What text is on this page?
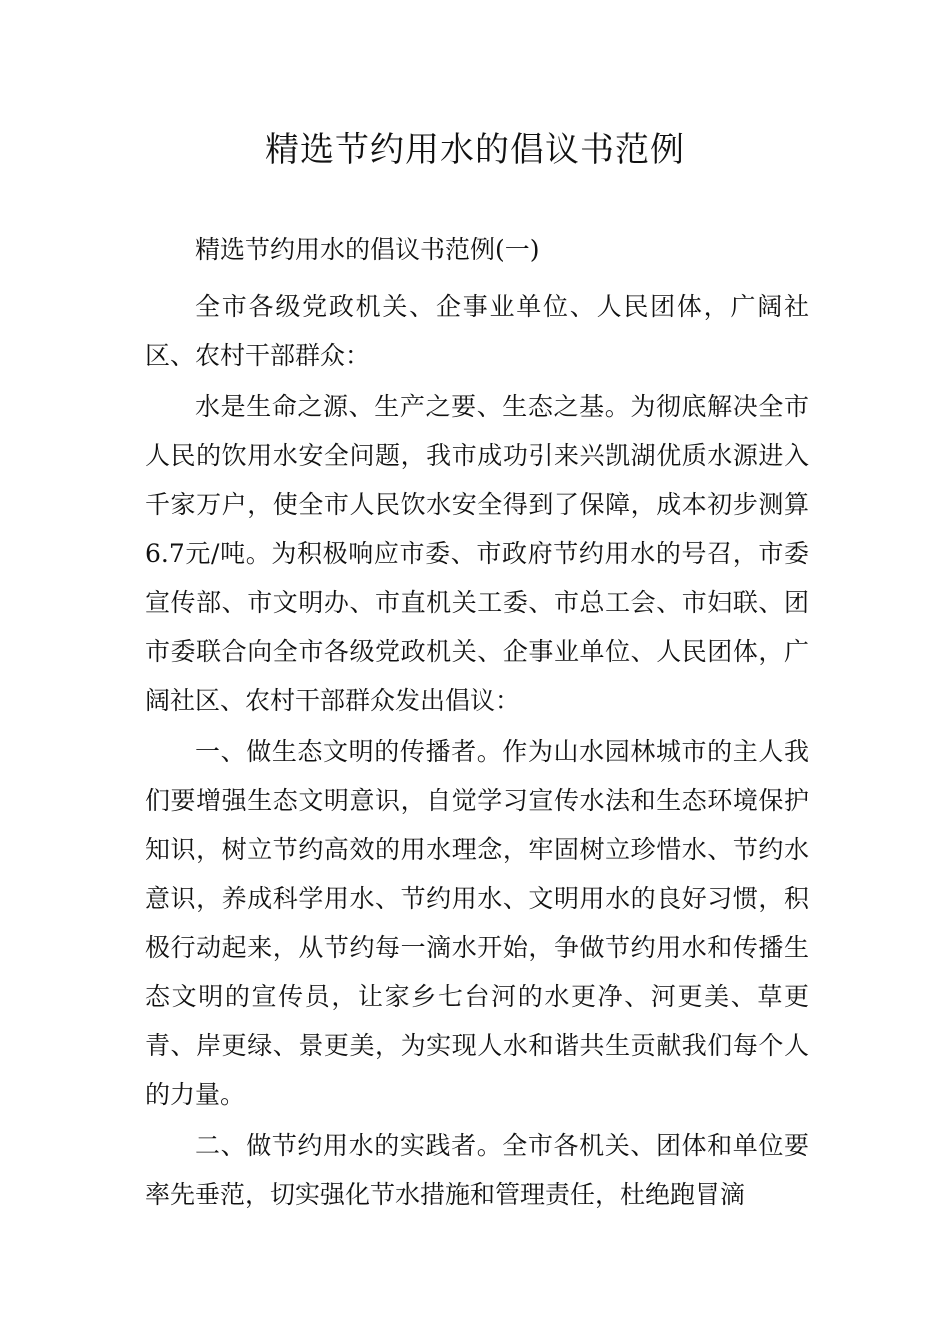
精选节约用水的倡议书范例

精选节约用水的倡议书范例(一)

全市各级党政机关、企事业单位、人民团体，广阔社区、农村干部群众：

水是生命之源、生产之要、生态之基。为彻底解决全市人民的饮用水安全问题，我市成功引来兴凯湖优质水源进入千家万户，使全市人民饮水安全得到了保障，成本初步测算6.7元/吨。为积极响应市委、市政府节约用水的号召，市委宣传部、市文明办、市直机关工委、市总工会、市妇联、团市委联合向全市各级党政机关、企事业单位、人民团体，广阔社区、农村干部群众发出倡议：

一、做生态文明的传播者。作为山水园林城市的主人我们要增强生态文明意识，自觉学习宣传水法和生态环境保护知识，树立节约高效的用水理念，牢固树立珍惜水、节约水意识，养成科学用水、节约用水、文明用水的良好习惯，积极行动起来，从节约每一滴水开始，争做节约用水和传播生态文明的宣传员，让家乡七台河的水更净、河更美、草更青、岸更绿、景更美，为实现人水和谐共生贡献我们每个人的力量。

二、做节约用水的实践者。全市各机关、团体和单位要率先垂范，切实强化节水措施和管理责任，杜绝跑冒滴
